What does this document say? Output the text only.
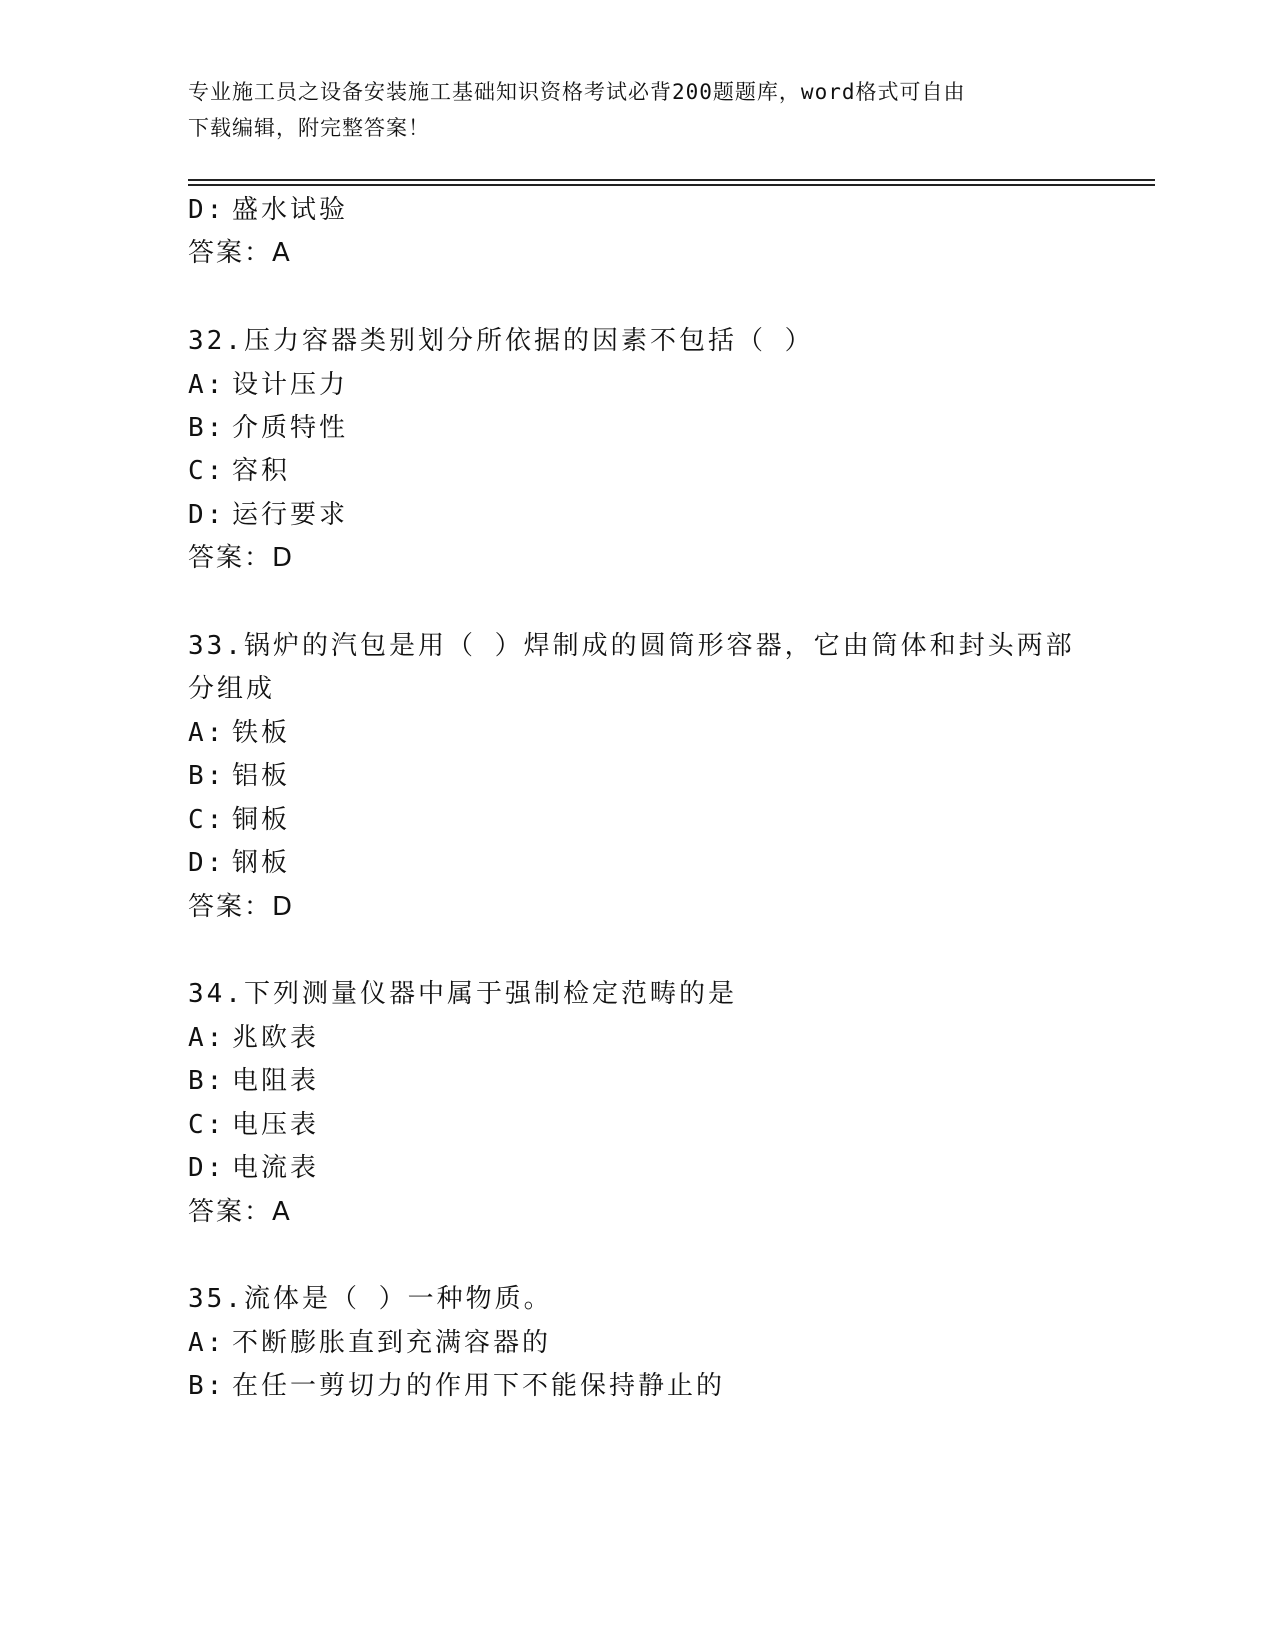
专业施工员之设备安装施工基础知识资格考试必背200题题库，word格式可自由
下载编辑，附完整答案！
D: 盛水试验
答案：A
32.压力容器类别划分所依据的因素不包括（ ）
A: 设计压力
B: 介质特性
C: 容积
D: 运行要求
答案：D
33.锅炉的汽包是用（ ）焊制成的圆筒形容器，它由筒体和封头两部
分组成
A: 铁板
B: 铝板
C: 铜板
D: 钢板
答案：D
34.下列测量仪器中属于强制检定范畴的是
A: 兆欧表
B: 电阻表
C: 电压表
D: 电流表
答案：A
35.流体是（ ）一种物质。
A: 不断膨胀直到充满容器的
B: 在任一剪切力的作用下不能保持静止的
